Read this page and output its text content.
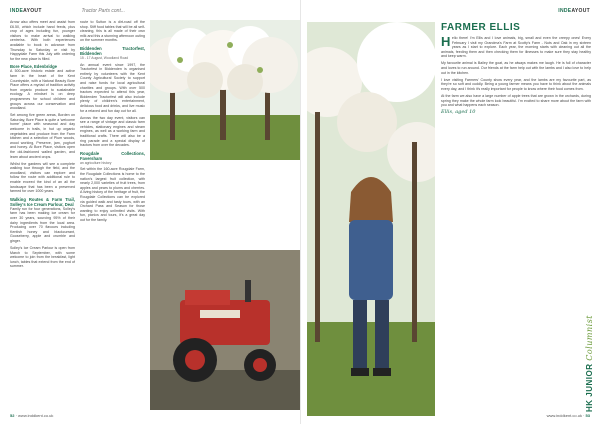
INDEAYOUT	Tractor Parts cont...

Arrow also offers meet and assist from £6.50, which include hand feeds, plus crop of ages including fun, younger visitors to make arrival to walking centre/ss. With both experiences available to book in advance from Thursday to Saturday or visit by Happydale Farm this July with ordering for the new place is filled.

Bore Place, Edenbridge

A 500-acre historic estate and active farm in the heart of the Kent Countryside, with a Natural Beauty Bore Place offers a myriad of tradition activity from organic produce to sustainable ecology. A mindset is on deep programmes for school children and groups across our conservation and woodland.

Set among five green areas, Borden on Saturday, Bore Place is quite a 'welcome home' place with seasonal and day welcome in trails, in hut up organic vegetables and produce from the Farm kitchen and a selection of Plum woods, wood working, Preserve, jam, yoghurt and honey. At Bore Place, visitors open the old-fashioned walled garden, and learn about ancient crops.

Whilst the gardens will see a complete walking tour through the field, and the woodland, visitors can explore and follow the route with additional rule to enable exceed the kind of an all the landscape that has been a preserved farmed for over 1000 years.

Walking Routes & Farm Trail, Solley's Ice Cream Parlour, Deal

Family run for four generations, Solley's farm has been making ice cream for over 30 years, sourcing 95% of their dairy ingredients from the local area. Producing over 70 flavours including Kentish honey and blackcurrant, Gooseberry, apple and crumble and ginger.

Solley's Ice Cream Parlour is open from March to September, with some welcome to join from the breakfast, light lunch, tables that extend from the end of summer.

route to Sutton is a dirt-road off the shop. Stiff food tables that will be all self-cleaning, this is all made of their own milk and this a stunning afternoon outing on the summer months.

Biddenden Tractorfest, Biddenden
15 - 17 August, Woodland Road

An annual event since 1997, the Tractorfest in Biddenden is organised entirely by volunteers with the Kent County Agricultural Society to support and raise funds for local agricultural charities and groups. With over 500 tractors expected to attend this year, Biddenden Tractorfest will also include plenty of children's entertainment, delicious food and drinks, and live music for a relaxed and fun day out for all.

Across the two day event, visitors can see a range of vintage and classic farm vehicles, stationary engines and steam engines, as well as a working farm and traditional crafts. There will also be a ring parade and a special display of tractors from over the decades.

Rougdale Collections, Faversham
an agriculture history

Set within the 160-acre Rougdale Farm, the Rougdale Collections is home to the nation's largest fruit collection, with nearly 2,000 varieties of fruit trees, from apples and pears to plums and cherries. A living history of the heritage of fruit, the Rougdale Collections can be explored via guided walk and tasty tours, with an Orchard Pass and Season for those wanting to enjoy unlimited visits. With fun, picnics and tours, it's a great day out for the family.

52 · www.inddkent.co.uk
INDEAYOUT
FARMER ELLIS

Hello there! I'm Ellis and I love animals, big, small and even the creepy ones! Every February I visit my Grandma's Farm at Scotty's Farm - Nuts and Oak in my sixteen years as I start to explore. Each year, the morning starts with cleaning out all the animals, feeding them and then checking them for illnesses to make sure they stay healthy and keep warm.

My favourite animal is Bailey the goat, as he always makes me laugh. He is full of character and loves to run around. Our friends at the farm help out with the lambs and I also love to help out in the kitchen.

I love visiting Farmers' County show every year, and the lambs are my favourite part, as they're so soft and cuddly. Being a young farmer means you have to think about the animals every day, and I think it's really important for people to know where their food comes from.

At the farm we also have a large number of apple trees that are grown in the orchards, during spring they make the whole farm look beautiful. I'm excited to share more about the farm with you and what happens each season.

Ellis, aged 10
HK JUNIOR Columnist
www.inddkent.co.uk · 53
